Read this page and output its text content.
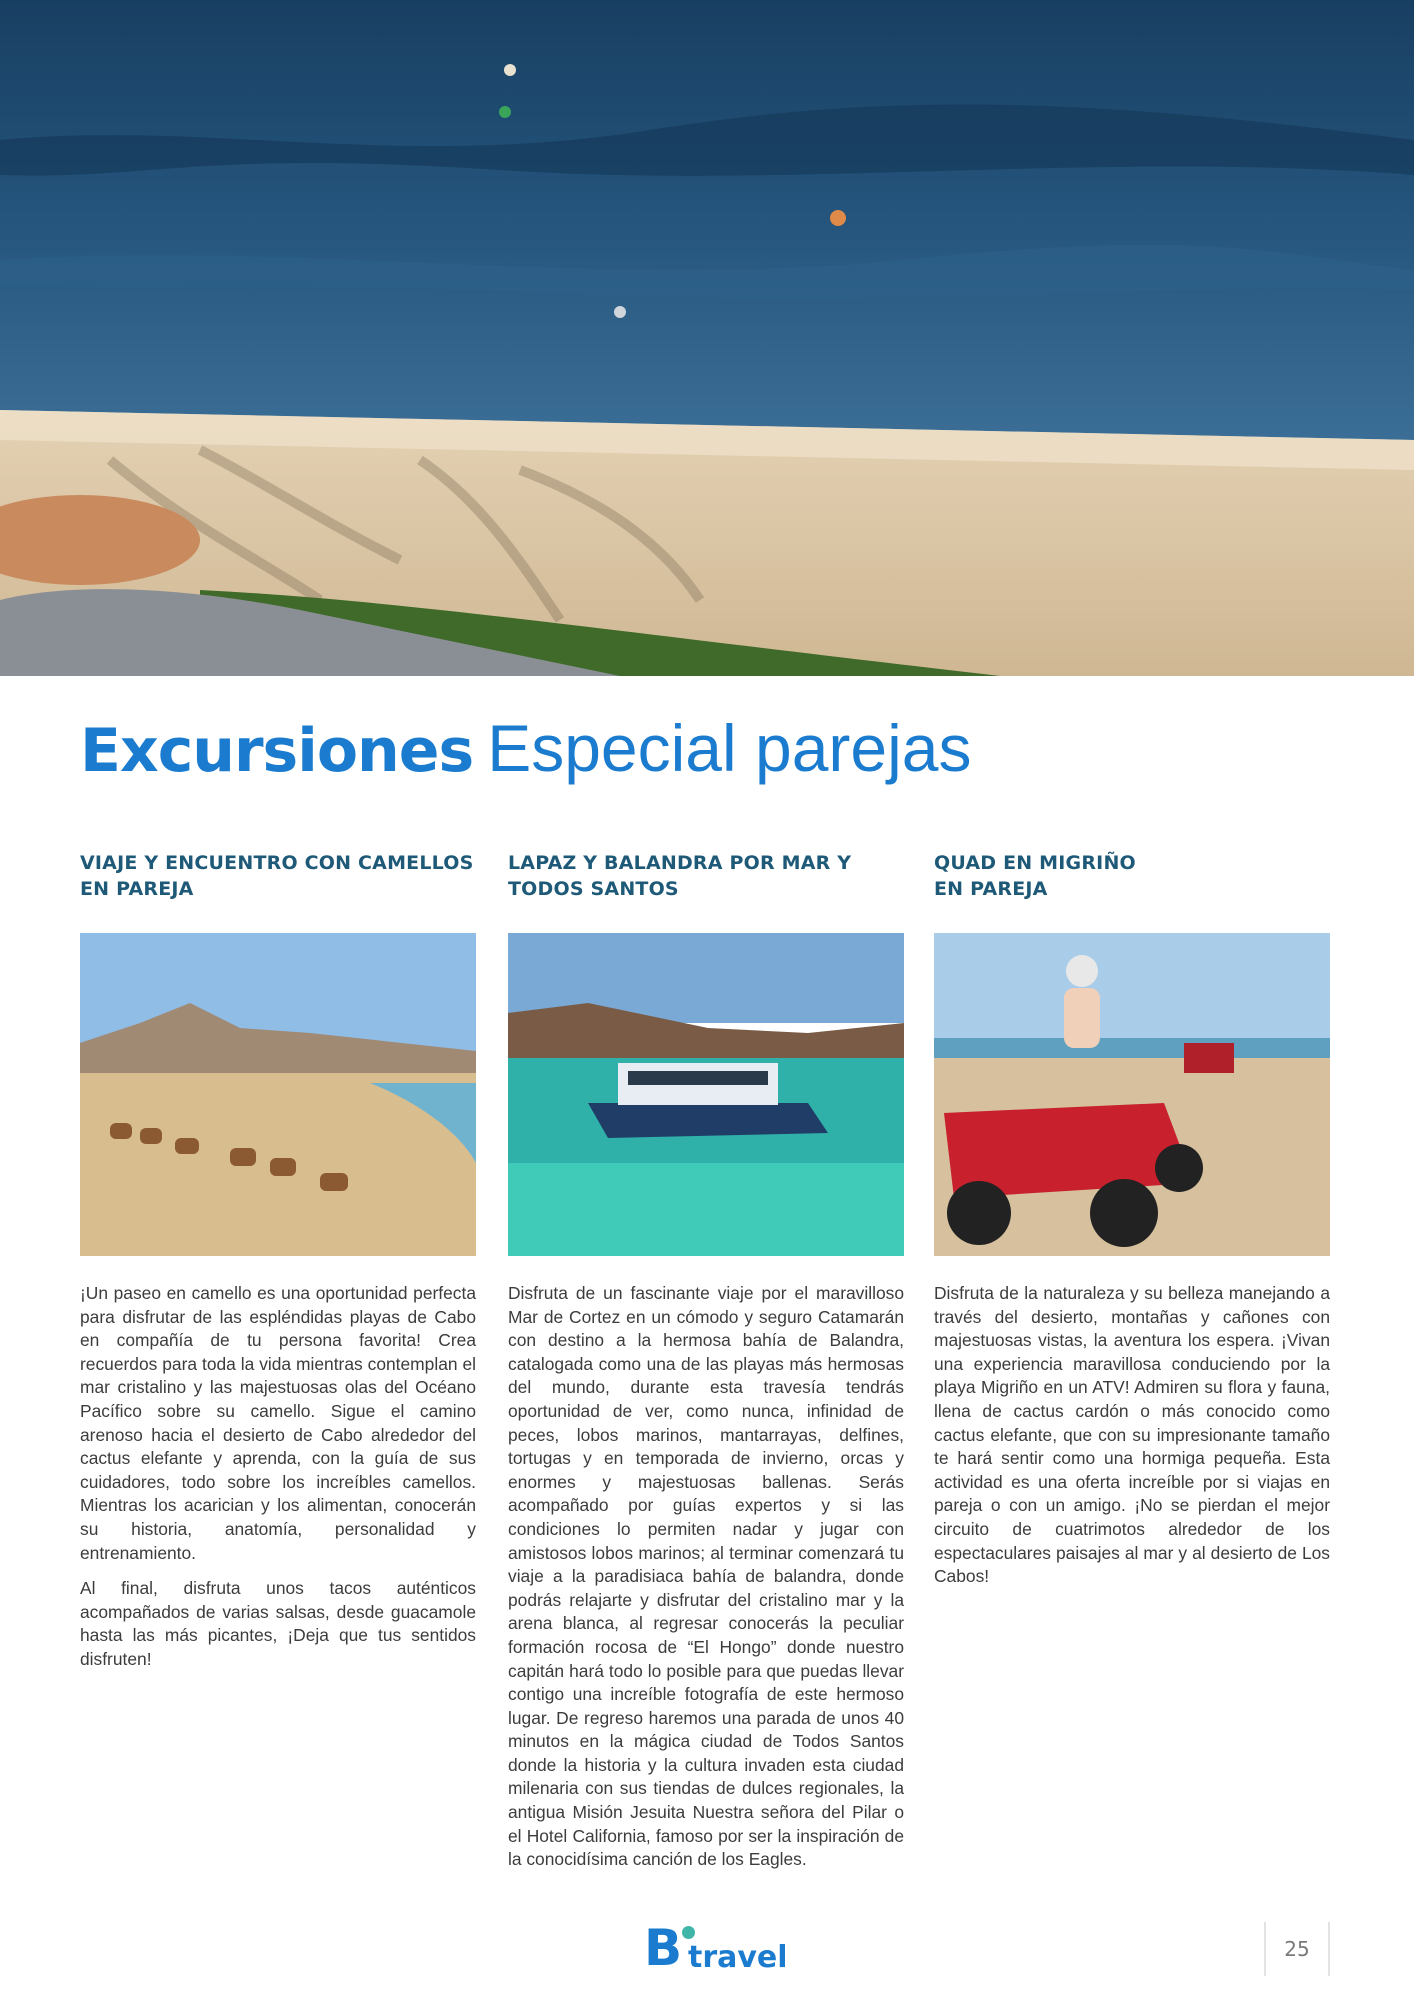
Excursiones Especial parejas
VIAJE Y ENCUENTRO CON CAMELLOS
EN PAREJA

¡Un paseo en camello es una oportunidad perfecta para disfrutar de las espléndidas playas de Cabo en compañía de tu persona favorita! Crea recuerdos para toda la vida mientras contemplan el mar cristalino y las majestuosas olas del Océano Pacífico sobre su camello. Sigue el camino arenoso hacia el desierto de Cabo alrededor del cactus elefante y aprenda, con la guía de sus cuidadores, todo sobre los increíbles camellos. Mientras los acarician y los alimentan, conocerán su historia, anatomía, personalidad y entrenamiento.

Al final, disfruta unos tacos auténticos acompañados de varias salsas, desde guacamole hasta las más picantes, ¡Deja que tus sentidos disfruten!

LAPAZ Y BALANDRA POR MAR Y
TODOS SANTOS

Disfruta de un fascinante viaje por el maravilloso Mar de Cortez en un cómodo y seguro Catamarán con destino a la hermosa bahía de Balandra, catalogada como una de las playas más hermosas del mundo, durante esta travesía tendrás oportunidad de ver, como nunca, infinidad de peces, lobos marinos, mantarrayas, delfines, tortugas y en temporada de invierno, orcas y enormes y majestuosas ballenas. Serás acompañado por guías expertos y si las condiciones lo permiten nadar y jugar con amistosos lobos marinos; al terminar comenzará tu viaje a la paradisiaca bahía de balandra, donde podrás relajarte y disfrutar del cristalino mar y la arena blanca, al regresar conocerás la peculiar formación rocosa de “El Hongo” donde nuestro capitán hará todo lo posible para que puedas llevar contigo una increíble fotografía de este hermoso lugar. De regreso haremos una parada de unos 40 minutos en la mágica ciudad de Todos Santos donde la historia y la cultura invaden esta ciudad milenaria con sus tiendas de dulces regionales, la antigua Misión Jesuita Nuestra señora del Pilar o el Hotel California, famoso por ser la inspiración de la conocidísima canción de los Eagles.

QUAD EN MIGRIÑO
EN PAREJA

Disfruta de la naturaleza y su belleza manejando a través del desierto, montañas y cañones con majestuosas vistas, la aventura los espera. ¡Vivan una experiencia maravillosa conduciendo por la playa Migriño en un ATV! Admiren su flora y fauna, llena de cactus cardón o más conocido como cactus elefante, que con su impresionante tamaño te hará sentir como una hormiga pequeña. Esta actividad es una oferta increíble por si viajas en pareja o con un amigo. ¡No se pierdan el mejor circuito de cuatrimotos alrededor de los espectaculares paisajes al mar y al desierto de Los Cabos!

B travel	25
